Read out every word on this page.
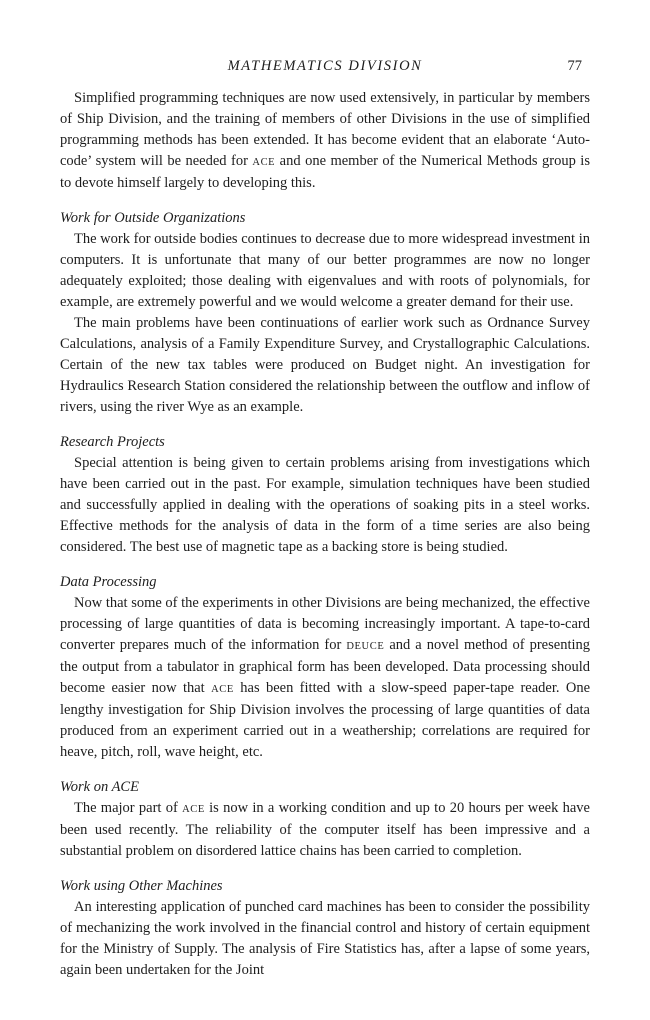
MATHEMATICS DIVISION	77

Simplified programming techniques are now used extensively, in particular by members of Ship Division, and the training of members of other Divisions in the use of simplified programming methods has been extended. It has become evident that an elaborate ‘Auto-code’ system will be needed for ACE and one member of the Numerical Methods group is to devote himself largely to developing this.

Work for Outside Organizations

The work for outside bodies continues to decrease due to more widespread investment in computers. It is unfortunate that many of our better programmes are now no longer adequately exploited; those dealing with eigenvalues and with roots of polynomials, for example, are extremely powerful and we would welcome a greater demand for their use.

The main problems have been continuations of earlier work such as Ordnance Survey Calculations, analysis of a Family Expenditure Survey, and Crystallographic Calculations. Certain of the new tax tables were produced on Budget night. An investigation for Hydraulics Research Station considered the relationship between the outflow and inflow of rivers, using the river Wye as an example.

Research Projects

Special attention is being given to certain problems arising from investigations which have been carried out in the past. For example, simulation techniques have been studied and successfully applied in dealing with the operations of soaking pits in a steel works. Effective methods for the analysis of data in the form of a time series are also being considered. The best use of magnetic tape as a backing store is being studied.

Data Processing

Now that some of the experiments in other Divisions are being mechanized, the effective processing of large quantities of data is becoming increasingly important. A tape-to-card converter prepares much of the information for DEUCE and a novel method of presenting the output from a tabulator in graphical form has been developed. Data processing should become easier now that ACE has been fitted with a slow-speed paper-tape reader. One lengthy investigation for Ship Division involves the processing of large quantities of data produced from an experiment carried out in a weathership; correlations are required for heave, pitch, roll, wave height, etc.

Work on ACE

The major part of ACE is now in a working condition and up to 20 hours per week have been used recently. The reliability of the computer itself has been impressive and a substantial problem on disordered lattice chains has been carried to completion.

Work using Other Machines

An interesting application of punched card machines has been to consider the possibility of mechanizing the work involved in the financial control and history of certain equipment for the Ministry of Supply. The analysis of Fire Statistics has, after a lapse of some years, again been undertaken for the Joint
